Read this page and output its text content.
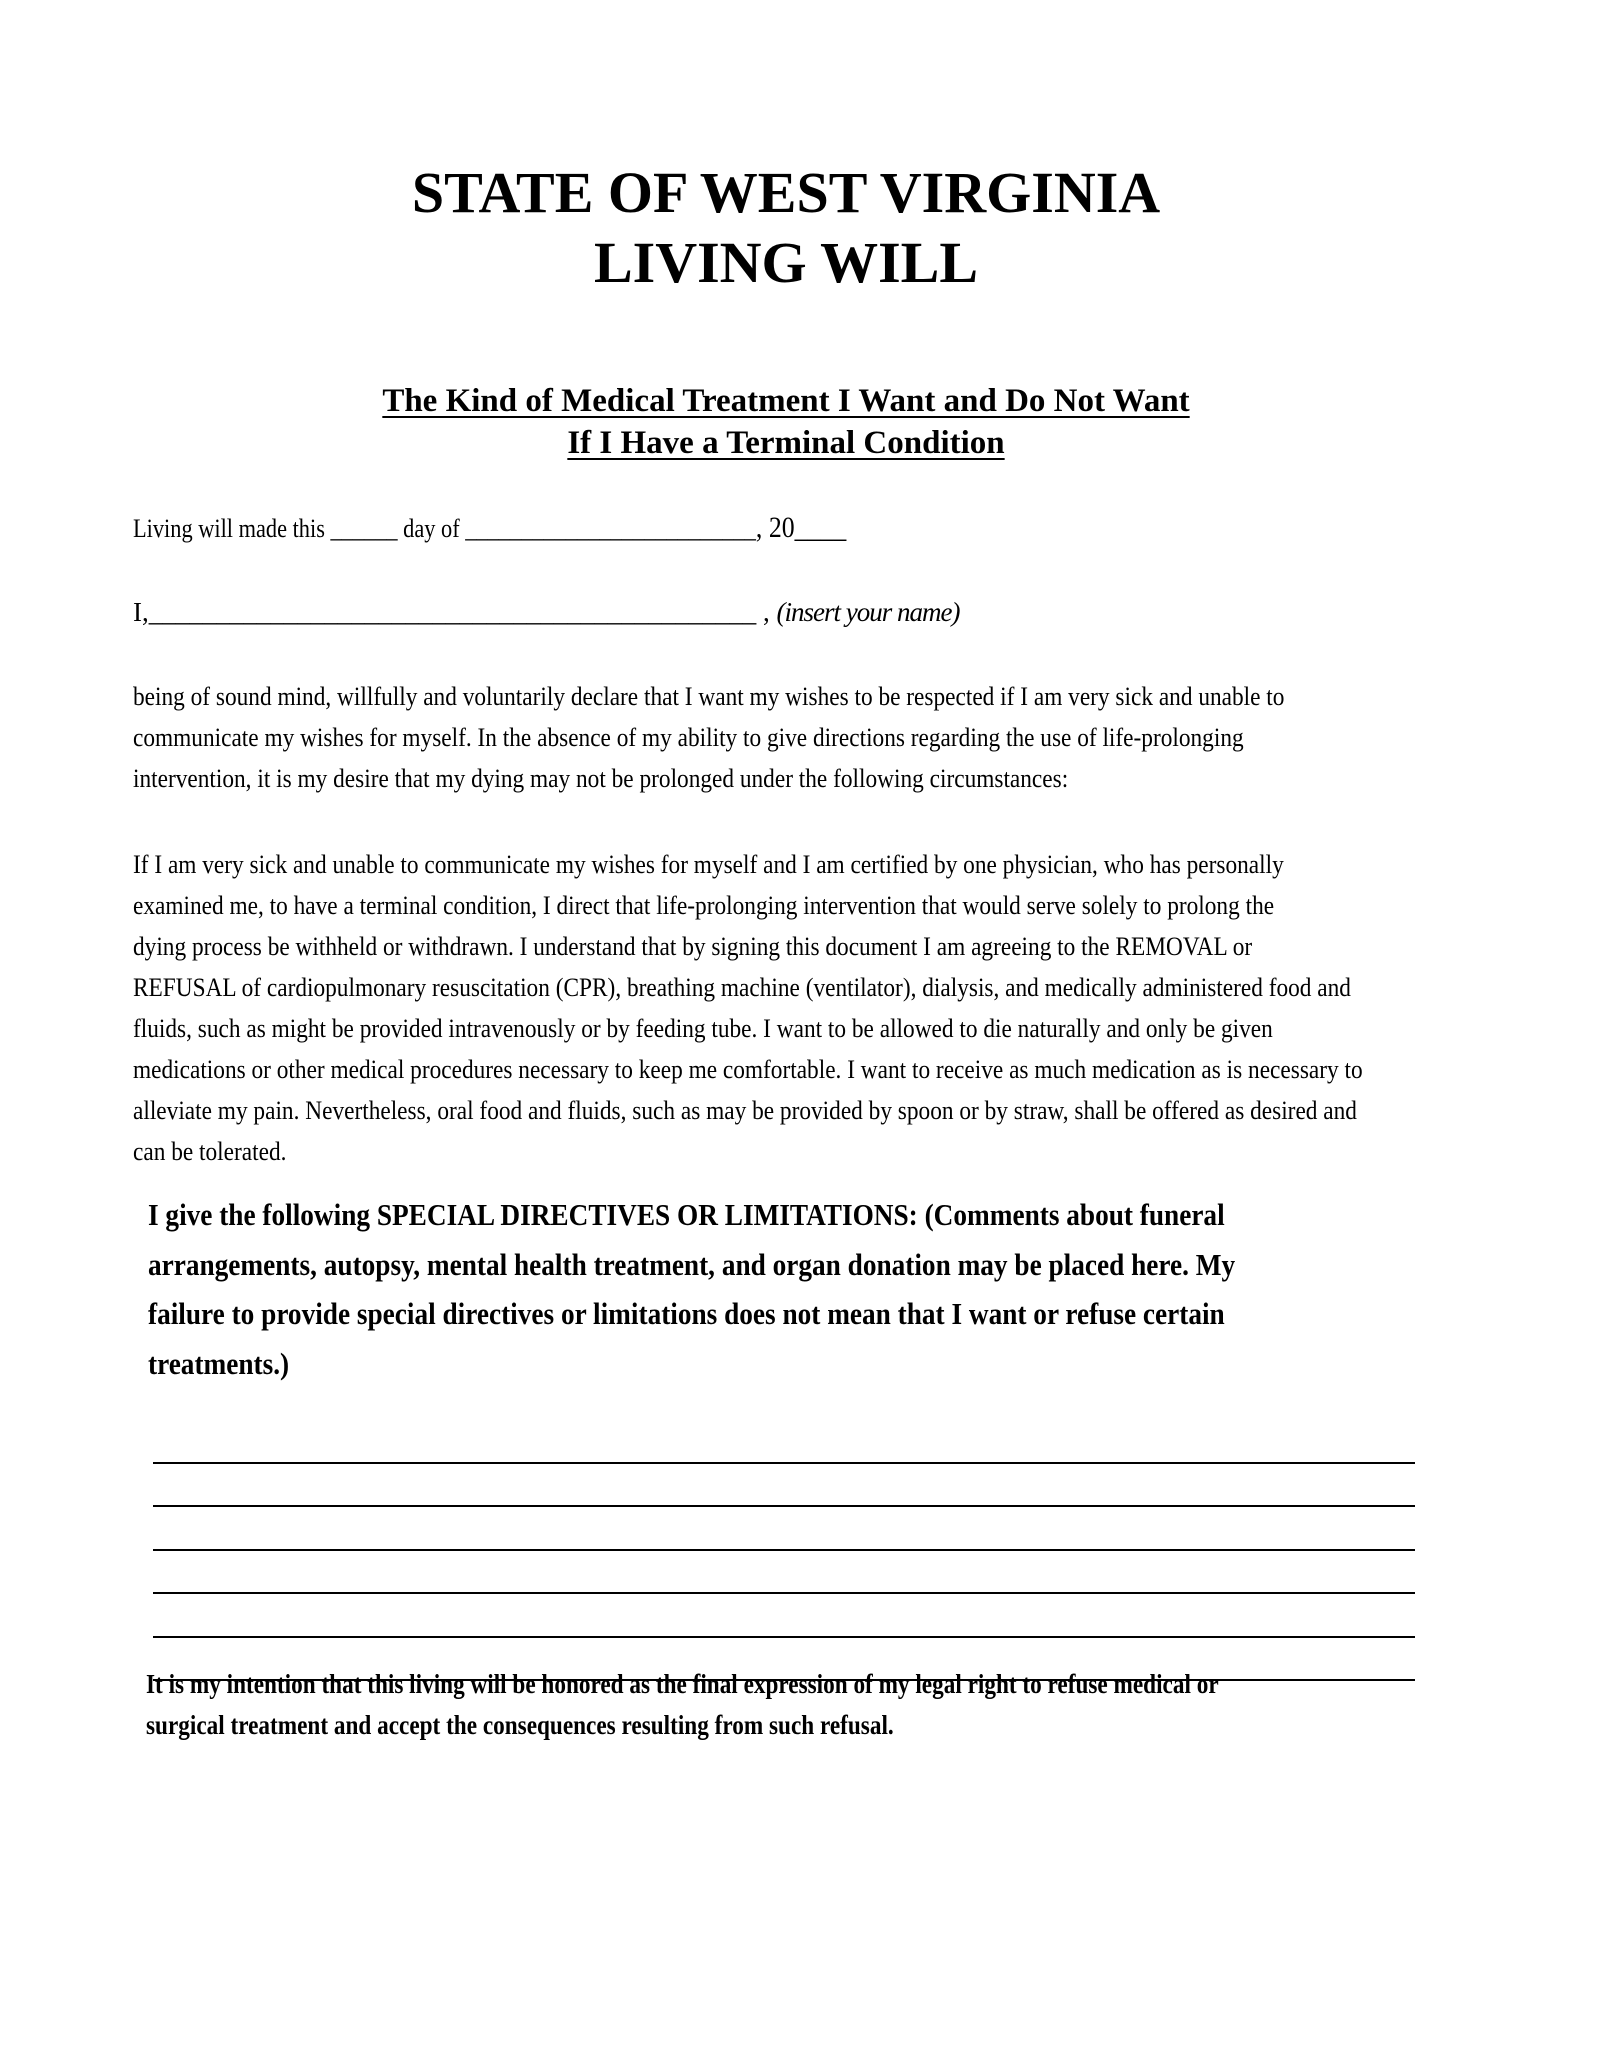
STATE OF WEST VIRGINIA
LIVING WILL
The Kind of Medical Treatment I Want and Do Not Want
If I Have a Terminal Condition
Living will made this ______ day of __________________________, 20____
I,_____________________________________________ , (insert your name)
being of sound mind, willfully and voluntarily declare that I want my wishes to be respected if I am very sick and unable to
communicate my wishes for myself. In the absence of my ability to give directions regarding the use of life-prolonging
intervention, it is my desire that my dying may not be prolonged under the following circumstances:
If I am very sick and unable to communicate my wishes for myself and I am certified by one physician, who has personally
examined me, to have a terminal condition, I direct that life-prolonging intervention that would serve solely to prolong the
dying process be withheld or withdrawn. I understand that by signing this document I am agreeing to the REMOVAL or
REFUSAL of cardiopulmonary resuscitation (CPR), breathing machine (ventilator), dialysis, and medically administered food and
fluids, such as might be provided intravenously or by feeding tube. I want to be allowed to die naturally and only be given
medications or other medical procedures necessary to keep me comfortable. I want to receive as much medication as is necessary to
alleviate my pain. Nevertheless, oral food and fluids, such as may be provided by spoon or by straw, shall be offered as desired and
can be tolerated.
I give the following SPECIAL DIRECTIVES OR LIMITATIONS: (Comments about funeral
arrangements, autopsy, mental health treatment, and organ donation may be placed here. My
failure to provide special directives or limitations does not mean that I want or refuse certain
treatments.)
It is my intention that this living will be honored as the final expression of my legal right to refuse medical or
surgical treatment and accept the consequences resulting from such refusal.
